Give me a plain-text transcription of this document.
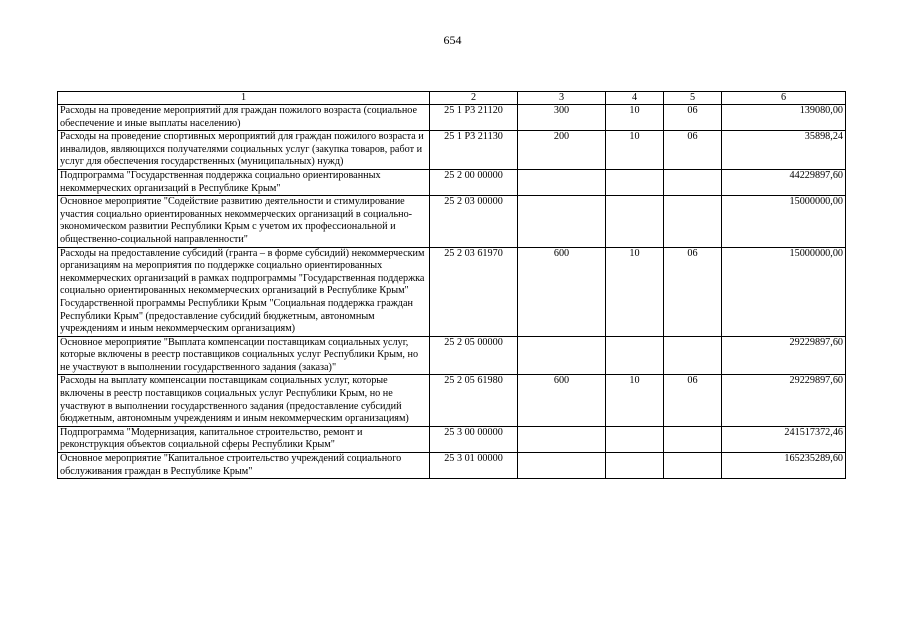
654
1	2	3	4	5	6
Расходы на проведение мероприятий для граждан пожилого возраста (социальное обеспечение и иные выплаты населению)	25 1 Р3 21120	300	10	06	139080,00
Расходы на проведение спортивных мероприятий для граждан пожилого возраста и инвалидов, являющихся получателями социальных услуг (закупка товаров, работ и услуг для обеспечения государственных (муниципальных) нужд)	25 1 Р3 21130	200	10	06	35898,24
Подпрограмма "Государственная поддержка социально ориентированных некоммерческих организаций в Республике Крым"	25 2 00 00000				44229897,60
Основное мероприятие "Содействие развитию деятельности и стимулирование участия социально ориентированных некоммерческих организаций в социально-экономическом развитии Республики Крым с учетом их профессиональной и общественно-социальной направленности"	25 2 03 00000				15000000,00
Расходы на предоставление субсидий (гранта – в форме субсидий) некоммерческим организациям на мероприятия по поддержке социально ориентированных некоммерческих организаций в рамках подпрограммы "Государственная поддержка социально ориентированных некоммерческих организаций в Республике Крым" Государственной программы Республики Крым "Социальная поддержка граждан Республики Крым" (предоставление субсидий бюджетным, автономным учреждениям и иным некоммерческим организациям)	25 2 03 61970	600	10	06	15000000,00
Основное мероприятие "Выплата компенсации поставщикам социальных услуг, которые включены в реестр поставщиков социальных услуг Республики Крым, но не участвуют в выполнении государственного задания (заказа)"	25 2 05 00000				29229897,60
Расходы на выплату компенсации поставщикам социальных услуг, которые включены в реестр поставщиков социальных услуг Республики Крым, но не участвуют в выполнении государственного задания (предоставление субсидий бюджетным, автономным учреждениям и иным некоммерческим организациям)	25 2 05 61980	600	10	06	29229897,60
Подпрограмма "Модернизация, капитальное строительство, ремонт и реконструкция объектов социальной сферы Республики Крым"	25 3 00 00000				241517372,46
Основное мероприятие "Капитальное строительство учреждений социального обслуживания граждан в Республике Крым"	25 3 01 00000				165235289,60
